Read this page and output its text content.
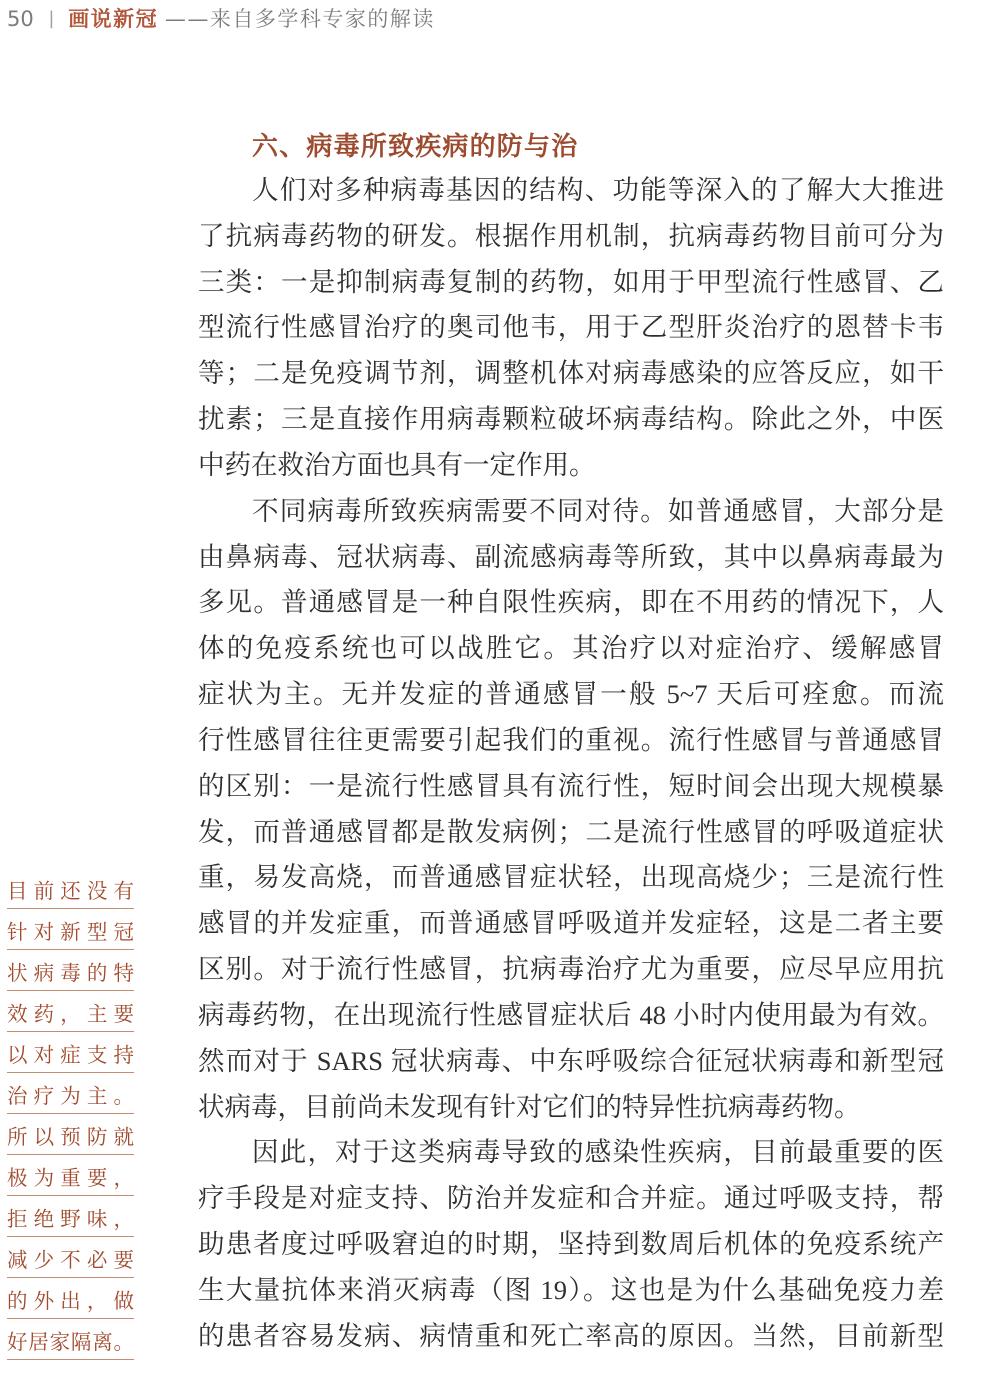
50 | 画说新冠 ——来自多学科专家的解读
六、病毒所致疾病的防与治
人们对多种病毒基因的结构、功能等深入的了解大大推进
了抗病毒药物的研发。根据作用机制，抗病毒药物目前可分为
三类：一是抑制病毒复制的药物，如用于甲型流行性感冒、乙
型流行性感冒治疗的奥司他韦，用于乙型肝炎治疗的恩替卡韦
等；二是免疫调节剂，调整机体对病毒感染的应答反应，如干
扰素；三是直接作用病毒颗粒破坏病毒结构。除此之外，中医
中药在救治方面也具有一定作用。
不同病毒所致疾病需要不同对待。如普通感冒，大部分是
由鼻病毒、冠状病毒、副流感病毒等所致，其中以鼻病毒最为
多见。普通感冒是一种自限性疾病，即在不用药的情况下，人
体的免疫系统也可以战胜它。其治疗以对症治疗、缓解感冒
症状为主。无并发症的普通感冒一般 5~7 天后可痊愈。而流
行性感冒往往更需要引起我们的重视。流行性感冒与普通感冒
的区别：一是流行性感冒具有流行性，短时间会出现大规模暴
发，而普通感冒都是散发病例；二是流行性感冒的呼吸道症状
重，易发高烧，而普通感冒症状轻，出现高烧少；三是流行性
感冒的并发症重，而普通感冒呼吸道并发症轻，这是二者主要
区别。对于流行性感冒，抗病毒治疗尤为重要，应尽早应用抗
病毒药物，在出现流行性感冒症状后 48 小时内使用最为有效。
然而对于 SARS 冠状病毒、中东呼吸综合征冠状病毒和新型冠
状病毒，目前尚未发现有针对它们的特异性抗病毒药物。
因此，对于这类病毒导致的感染性疾病，目前最重要的医
疗手段是对症支持、防治并发症和合并症。通过呼吸支持，帮
助患者度过呼吸窘迫的时期，坚持到数周后机体的免疫系统产
生大量抗体来消灭病毒（图 19）。这也是为什么基础免疫力差
的患者容易发病、病情重和死亡率高的原因。当然，目前新型
目前还没有
针对新型冠
状病毒的特
效药，主要
以对症支持
治疗为主。
所以预防就
极为重要，
拒绝野味，
减少不必要
的外出，做
好居家隔离。
